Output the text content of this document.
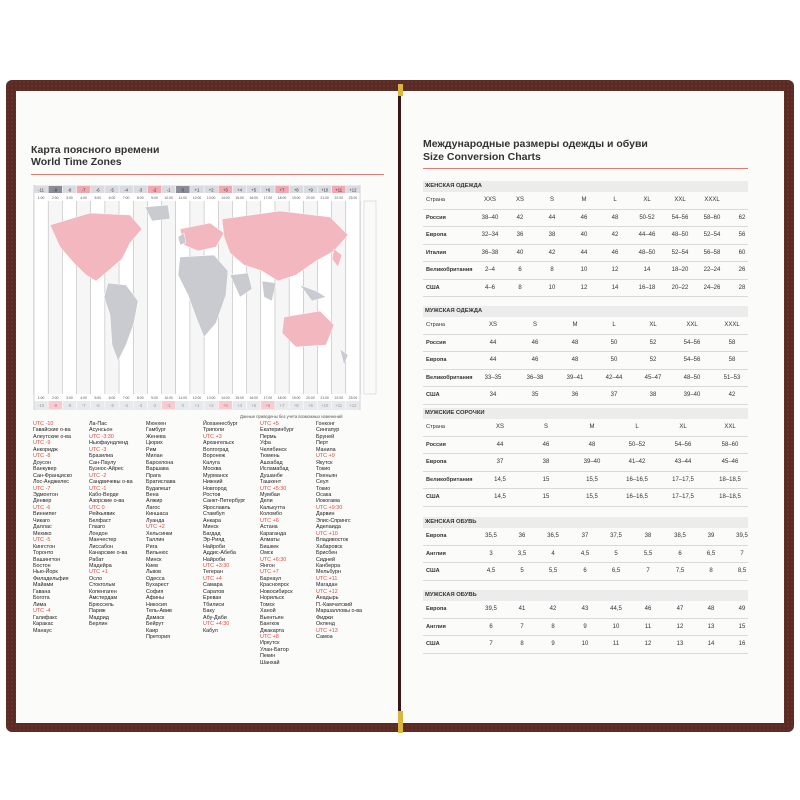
Карта поясного времени
World Time Zones
-11 -9 -8 -7 -6 -5 -4 -3 -2 -1	0	+1 +2 +3 +4 +5 +6 +7 +8 +9 +10 +11 +12
1:00
1:00
2:00
2:00
3:00
3:00
4:00
4:00
5:00
5:00
6:00
6:00
7:00
7:00
8:00
8:00
9:00
9:00
10:00
10:00
11:00
11:00
12:00
12:00
13:00
13:00
14:00
14:00
15:00
15:00
16:00
16:00
17:00
17:00
18:00
18:00
19:00
19:00
20:00
20:00
21:00
21:00
22:00
22:00
23:00
23:00
Данные приведены без учета возможных изменений
UTC -10
Гавайские о-ва
Алеутские о-ва
UTC -9
Анкоридж
UTC -8
Доусон
Ванкувер
Сан-Франциско
Лос-Анджелес
UTC -7
Эдмонтон
Денвер
UTC -6
Виннипег
Чикаго
Даллас
Мехико
UTC -5
Кингстон
Торонто
Вашингтон
Бостон
Нью-Йорк
Филадельфия
Майами
Гавана
Богота
Лима
UTC -4
Галифакс
Каракас
Манаус
Ла-Пас
Асунсьон
UTC -3:30
Ньюфаундленд
UTC -3
Бразилиа
Сан-Паулу
Буэнос-Айрес
UTC -2
Сандвичевы о-ва
UTC -1
Кабо-Верде
Азорские о-ва
UTC 0
Рейкьявик
Белфаст
Глазго
Лондон
Манчестер
Лиссабон
Канарские о-ва
Рабат
Мадейра
UTC +1
Осло
Стокгольм
Копенгаген
Амстердам
Брюссель
Париж
Мадрид
Берлин
Мюнхен
Гамбург
Женева
Цюрих
Рим
Милан
Барселона
Варшава
Прага
Братислава
Будапешт
Вена
Алжир
Лагос
Киншаса
Луанда
UTC +2
Хельсинки
Таллин
Рига
Вильнюс
Минск
Киев
Львов
Одесса
Бухарест
София
Афины
Никосия
Тель-Авив
Дамаск
Бейрут
Каир
Претория
Йоханнесбург
Триполи
UTC +3
Архангельск
Волгоград
Воронеж
Калуга
Москва
Мурманск
Нижний
Новгород
Ростов
Санкт-Петербург
Ярославль
Стамбул
Анкара
Минск
Багдад
Эр-Рияд
Найроби
Аддис-Абеба
Найроби
UTC +3:30
Тегеран
UTC +4
Самара
Саратов
Ереван
Тбилиси
Баку
Абу-Даби
UTC +4:30
Кабул
UTC +5
Екатеринбург
Пермь
Уфа
Челябинск
Тюмень
Ашхабад
Исламабад
Душанбе
Ташкент
UTC +5:30
Мумбаи
Дели
Калькутта
Коломбо
UTC +6
Астана
Караганда
Алматы
Бишкек
Омск
UTC +6:30
Янгон
UTC +7
Барнаул
Красноярск
Новосибирск
Норильск
Томск
Ханой
Вьентьян
Бангкок
Джакарта
UTC +8
Иркутск
Улан-Батор
Пекин
Шанхай
Гонконг
Сингапур
Бруней
Перт
Манила
UTC +9
Якутск
Токио
Пхеньян
Сеул
Токио
Осака
Иокогама
UTC +9:30
Дарвин
Элис-Спрингс
Аделаида
UTC +10
Владивосток
Хабаровск
Брисбен
Сидней
Канберра
Мельбурн
UTC +11
Магадан
UTC +12
Анадырь
П.-Камчатский
Маршалловы о-ва
Фиджи
Окленд
UTC +13
Самоа
Международные размеры одежды и обуви
Size Conversion Charts
ЖЕНСКАЯ ОДЕЖДА
Страна	XXS	XS	S	M	L	XL	XXL	XXXL
Россия	38–40	42	44	46	48	50-52	54–56	58–60	62
Европа	32–34	36	38	40	42	44–46	48–50	52–54	56
Италия	36–38	40	42	44	46	48–50	52–54	56–58	60
Великобритания	2–4	6	8	10	12	14	18–20	22–24	26
США	4–6	8	10	12	14	16–18	20–22	24–26	28
МУЖСКАЯ ОДЕЖДА
Страна	XS	S	M	L	XL	XXL	XXXL
Россия	44	46	48	50	52	54–56	58
Европа	44	46	48	50	52	54–56	58
Великобритания	33–35	36–38	39–41	42–44	45–47	48–50	51–53
США	34	35	36	37	38	39–40	42
МУЖСКИЕ СОРОЧКИ
Страна	XS	S	M	L	XL	XXL
Россия	44	46	48	50–52	54–56	58–60
Европа	37	38	39–40	41–42	43–44	45–46
Великобритания	14,5	15	15,5	16–16,5	17–17,5	18–18,5
США	14,5	15	15,5	16–16,5	17–17,5	18–18,5
ЖЕНСКАЯ ОБУВЬ
Европа	35,5	36	36,5	37	37,5	38	38,5	39	39,5
Англия	3	3,5	4	4,5	5	5,5	6	6,5	7
США	4,5	5	5,5	6	6,5	7	7,5	8	8,5
МУЖСКАЯ ОБУВЬ
Европа	39,5	41	42	43	44,5	46	47	48	49
Англия	6	7	8	9	10	11	12	13	15
США	7	8	9	10	11	12	13	14	16
